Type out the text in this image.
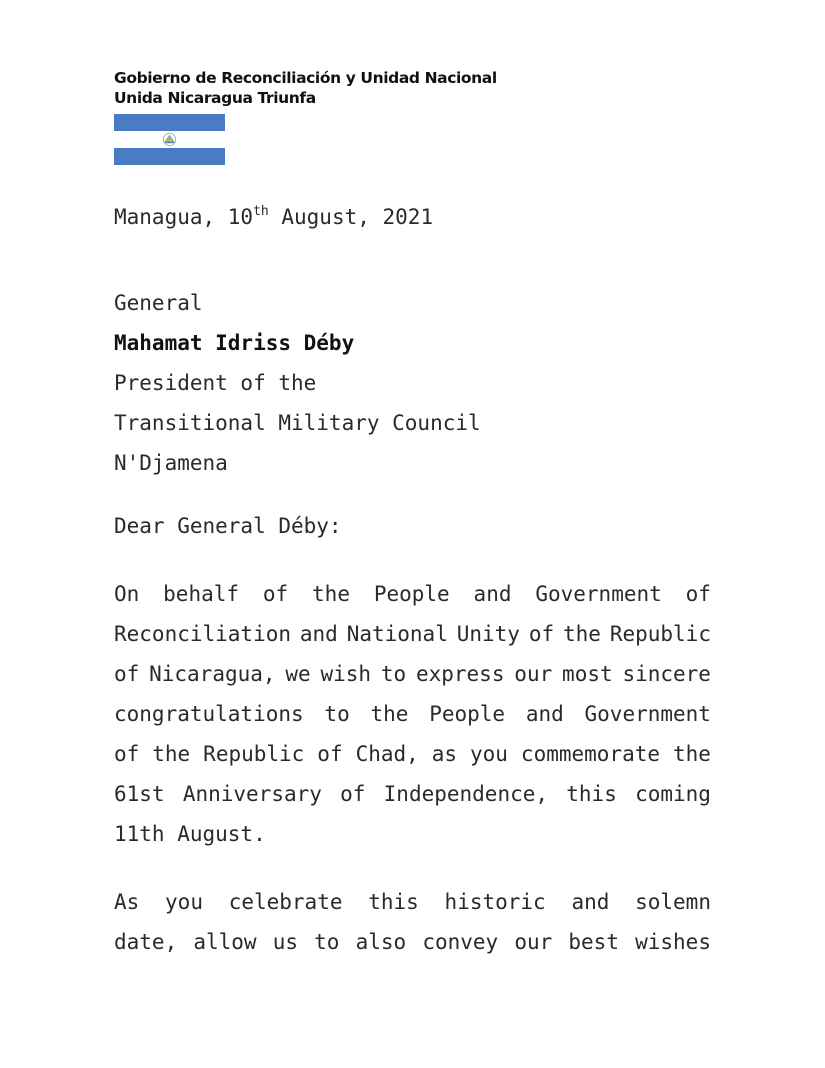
Gobierno de Reconciliación y Unidad Nacional
Unida Nicaragua Triunfa
Managua, 10th August, 2021
General
Mahamat Idriss Déby
President of the
Transitional Military Council
N'Djamena
Dear General Déby:
On behalf of the People and Government of
Reconciliation and National Unity of the Republic
of Nicaragua, we wish to express our most sincere
congratulations to the People and Government
of the Republic of Chad, as you commemorate the
61st Anniversary of Independence, this coming
11th August.
As you celebrate this historic and solemn
date, allow us to also convey our best wishes
